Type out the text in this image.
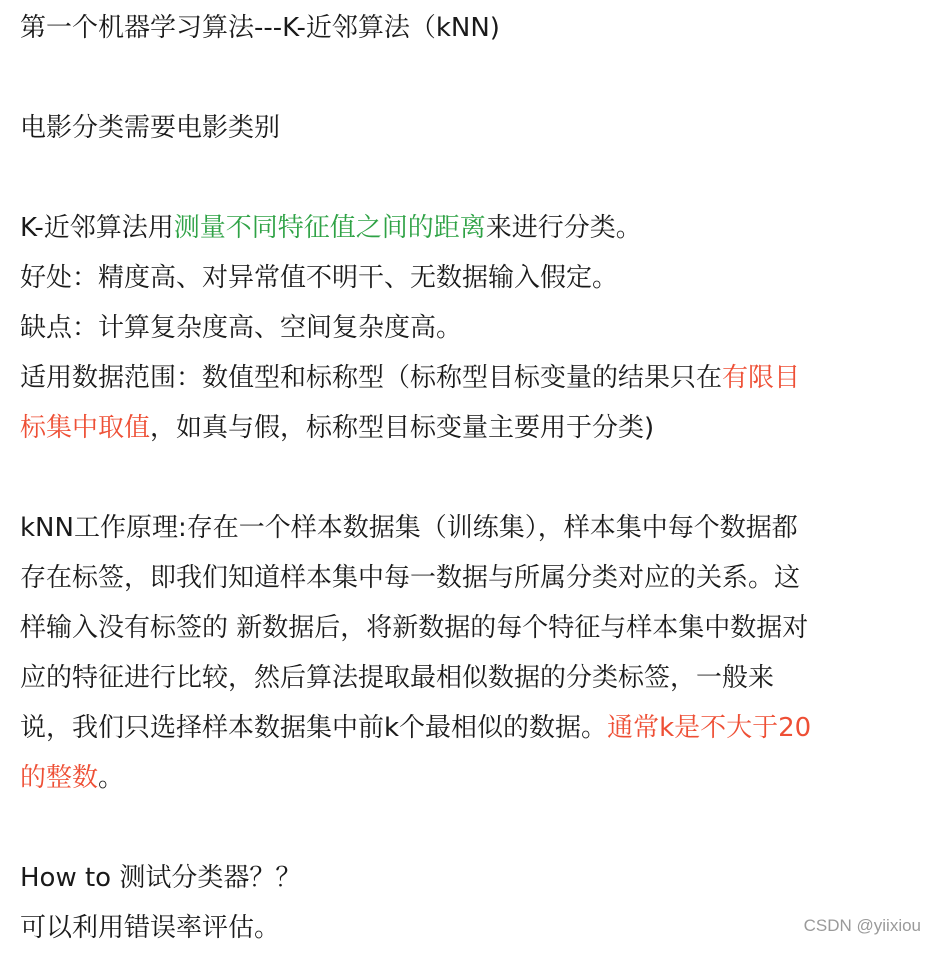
第一个机器学习算法---K-近邻算法（kNN)
电影分类需要电影类别
K-近邻算法用测量不同特征值之间的距离来进行分类。
好处：精度高、对异常值不明干、无数据输入假定。
缺点：计算复杂度高、空间复杂度高。
适用数据范围：数值型和标称型（标称型目标变量的结果只在有限目
标集中取值，如真与假，标称型目标变量主要用于分类)
kNN工作原理:存在一个样本数据集（训练集），样本集中每个数据都
存在标签，即我们知道样本集中每一数据与所属分类对应的关系。这
样输入没有标签的 新数据后，将新数据的每个特征与样本集中数据对
应的特征进行比较，然后算法提取最相似数据的分类标签，一般来
说，我们只选择样本数据集中前k个最相似的数据。通常k是不大于20
的整数。
How to 测试分类器？？
可以利用错误率评估。	CSDN @yiixiou
